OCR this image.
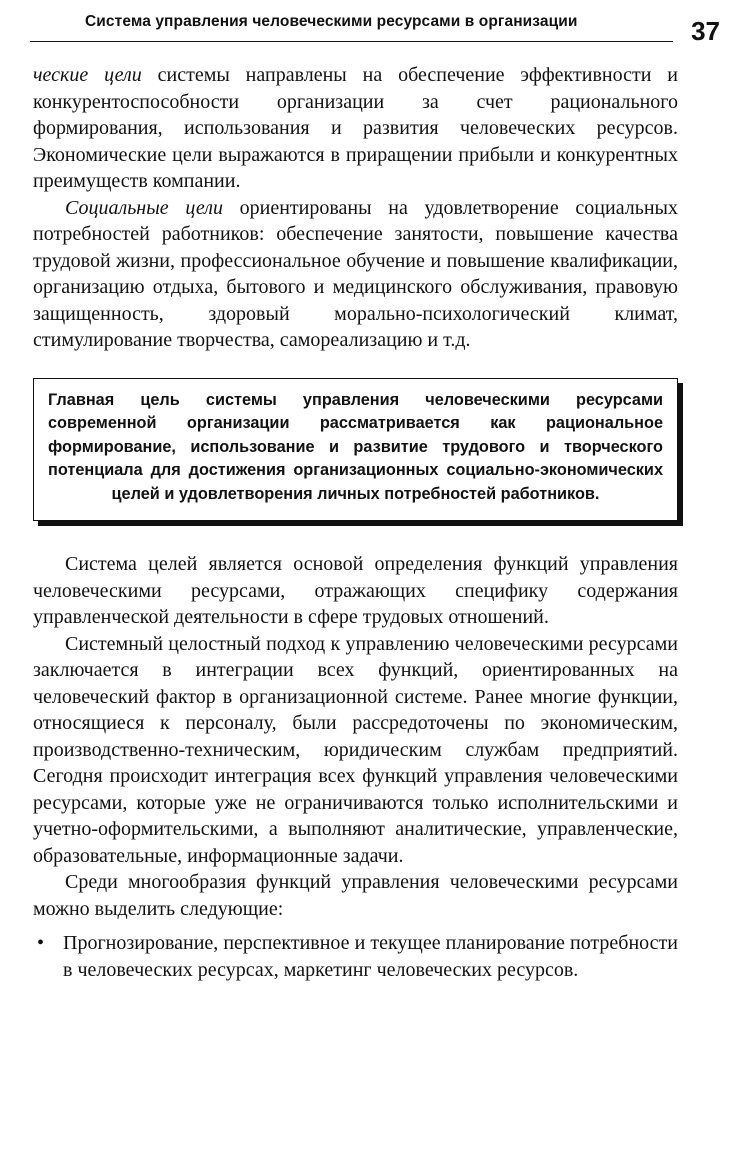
Система управления человеческими ресурсами в организации	37

ческие цели системы направлены на обеспечение эффективности и конкурентоспособности организации за счет рационального формирования, использования и развития человеческих ресурсов. Экономические цели выражаются в приращении прибыли и конкурентных преимуществ компании.

Социальные цели ориентированы на удовлетворение социальных потребностей работников: обеспечение занятости, повышение качества трудовой жизни, профессиональное обучение и повышение квалификации, организацию отдыха, бытового и медицинского обслуживания, правовую защищенность, здоровый морально-психологический климат, стимулирование творчества, самореализацию и т.д.

Главная цель системы управления человеческими ресурсами современной организации рассматривается как рациональное формирование, использование и развитие трудового и творческого потенциала для достижения организационных социально-экономических целей и удовлетворения личных потребностей работников.

Система целей является основой определения функций управления человеческими ресурсами, отражающих специфику содержания управленческой деятельности в сфере трудовых отношений.

Системный целостный подход к управлению человеческими ресурсами заключается в интеграции всех функций, ориентированных на человеческий фактор в организационной системе. Ранее многие функции, относящиеся к персоналу, были рассредоточены по экономическим, производственно-техническим, юридическим службам предприятий. Сегодня происходит интеграция всех функций управления человеческими ресурсами, которые уже не ограничиваются только исполнительскими и учетно-оформительскими, а выполняют аналитические, управленческие, образовательные, информационные задачи.

Среди многообразия функций управления человеческими ресурсами можно выделить следующие:

• Прогнозирование, перспективное и текущее планирование потребности в человеческих ресурсах, маркетинг человеческих ресурсов.
